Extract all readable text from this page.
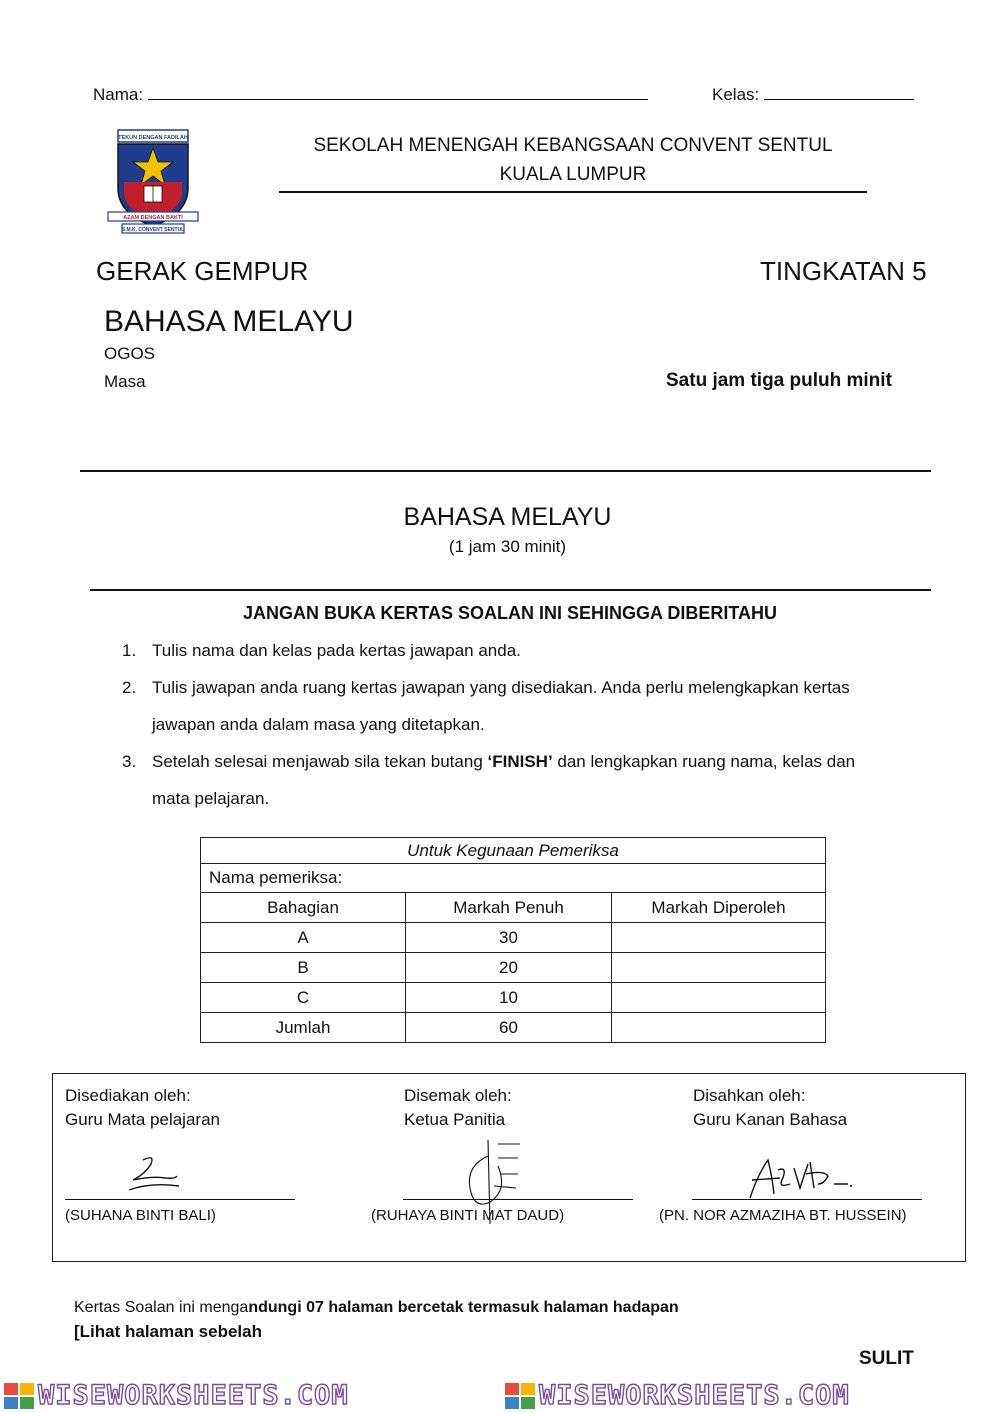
Nama:	Kelas:
TEKUN DENGAN FADILAH
AZAM DENGAN BAKTI
S.M.K. CONVENT SENTUL
SEKOLAH MENENGAH KEBANGSAAN CONVENT SENTUL
KUALA LUMPUR
GERAK GEMPUR	TINGKATAN 5
BAHASA MELAYU
OGOS
Masa	Satu jam tiga puluh minit
BAHASA MELAYU
(1 jam 30 minit)
JANGAN BUKA KERTAS SOALAN INI SEHINGGA DIBERITAHU
1. Tulis nama dan kelas pada kertas jawapan anda.
2. Tulis jawapan anda ruang kertas jawapan yang disediakan. Anda perlu melengkapkan kertas
jawapan anda dalam masa yang ditetapkan.
3. Setelah selesai menjawab sila tekan butang ‘FINISH’ dan lengkapkan ruang nama, kelas dan
mata pelajaran.
Untuk Kegunaan Pemeriksa		
Nama pemeriksa:		
Bahagian	Markah Penuh	Markah Diperoleh
A	30	
B	20	
C	10	
Jumlah	60	
Disediakan oleh:
Guru Mata pelajaran
Disemak oleh:
Ketua Panitia
Disahkan oleh:
Guru Kanan Bahasa
(SUHANA BINTI BALI)	(RUHAYA BINTI MAT DAUD)	(PN. NOR AZMAZIHA BT. HUSSEIN)
Kertas Soalan ini mengandungi 07 halaman bercetak termasuk halaman hadapan
[Lihat halaman sebelah
SULIT
WISEWORKSHEETS.COM	WISEWORKSHEETS.COM
